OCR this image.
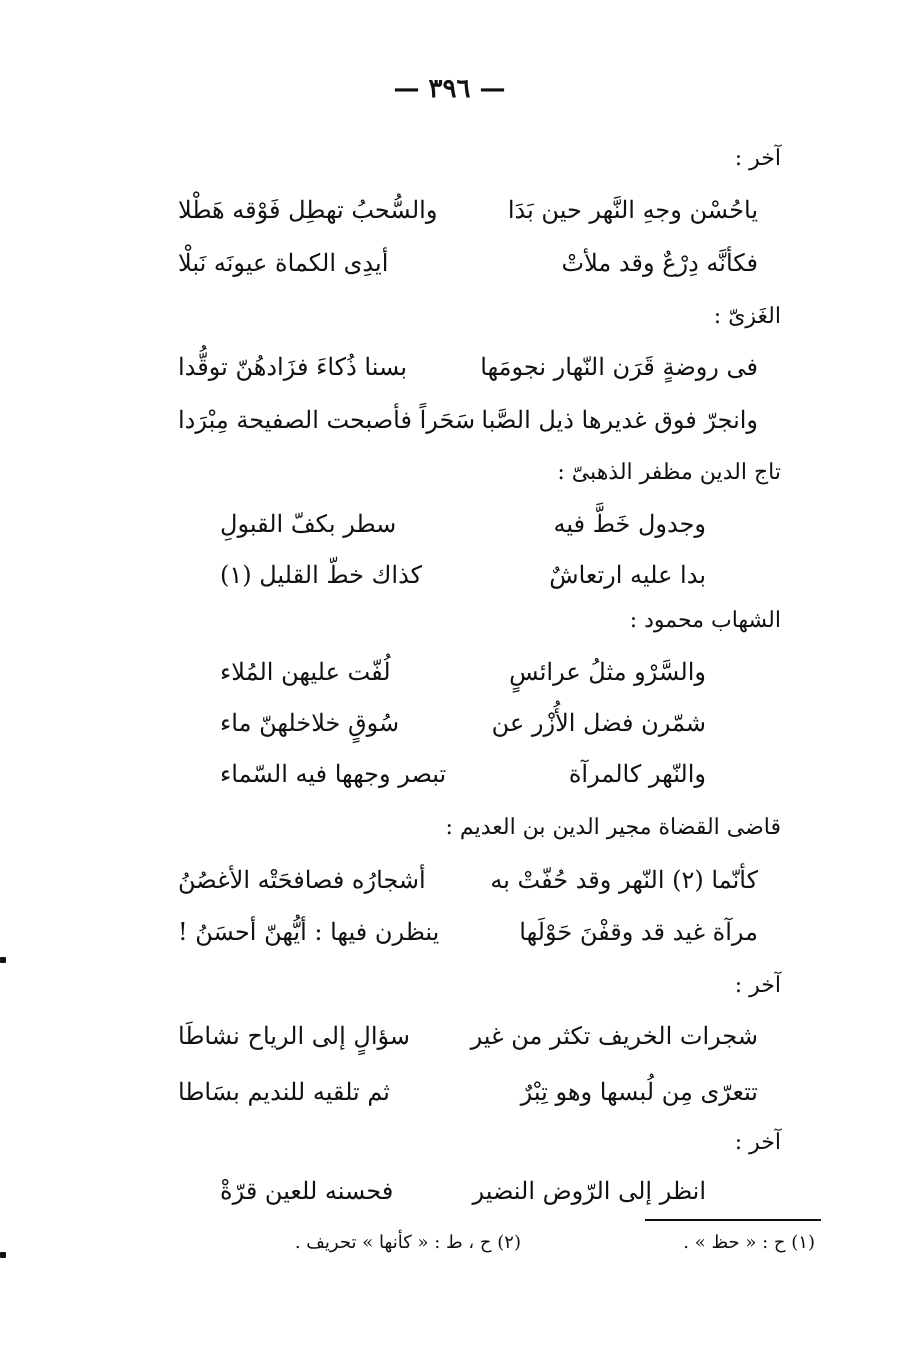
— ٣٩٦ —
آخر :
ياحُسْن وجهِ النَّهر حين بَدَا
والسُّحبُ تهطِل فَوْقه هَطْلا
فكأنَّه دِرْعٌ وقد ملأتْ
أيدِى الكماة عيونَه نَبلْا
الغَزىّ :
فى روضةٍ قَرَن النّهار نجومَها
بسنا ذُكاءَ فزَادهُنّ توقُّدا
وانجرّ فوق غديرها ذيل الصَّبا
سَحَراً فأصبحت الصفيحة مِبْرَدا
تاج الدين مظفر الذهبىّ :
وجدول خَطَّ فيه
سطر بكفّ القبولِ
بدا عليه ارتعاشٌ
كذاك خطّ القليل (١)
الشهاب محمود :
والسَّرْو مثلُ عرائسٍ
لُفّت عليهن المُلاء
شمّرن فضل الأُزْر عن
سُوقٍ خلاخلهنّ ماء
والنّهر كالمرآة
تبصر وجهها فيه السّماء
قاضى القضاة مجير الدين بن العديم :
كأنّما (٢) النّهر وقد حُفّتْ به
أشجارُه فصافحَتْه الأغصُنُ
مرآة غيد قد وقفْنَ حَوْلَها
ينظرن فيها : أيُّهنّ أحسَنُ !
آخر :
شجرات الخريف تكثر من غير
سؤالٍ إلى الرياح نشاطَا
تتعرّى مِن لُبسها وهو تِبْرٌ
ثم تلقيه للنديم بسَاطا
آخر :
انظر إلى الرّوض النضير
فحسنه للعين قرّةْ
(١) ح : « حظ » .
(٢) ح ، ط : « كأنها » تحريف .
